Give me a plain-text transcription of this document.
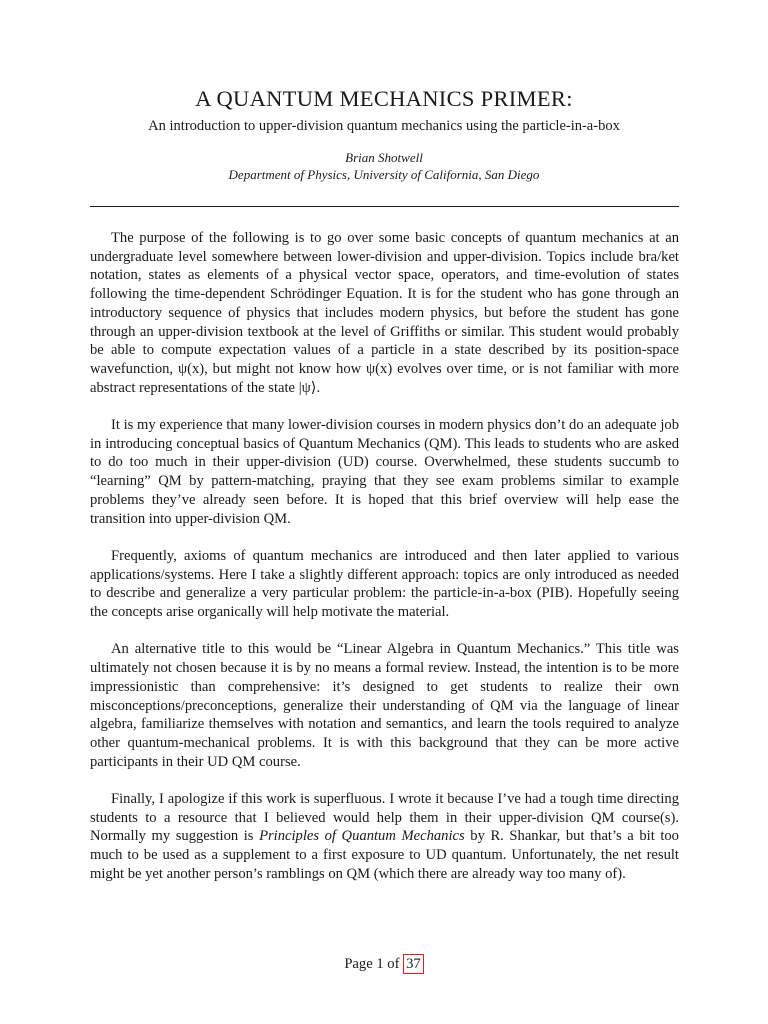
A QUANTUM MECHANICS PRIMER:
An introduction to upper-division quantum mechanics using the particle-in-a-box
Brian Shotwell
Department of Physics, University of California, San Diego

The purpose of the following is to go over some basic concepts of quantum mechanics at an undergraduate level somewhere between lower-division and upper-division. Topics include bra/ket notation, states as elements of a physical vector space, operators, and time-evolution of states following the time-dependent Schrödinger Equation. It is for the student who has gone through an introductory sequence of physics that includes modern physics, but before the student has gone through an upper-division textbook at the level of Griffiths or similar. This student would probably be able to compute expectation values of a particle in a state described by its position-space wavefunction, ψ(x), but might not know how ψ(x) evolves over time, or is not familiar with more abstract representations of the state |ψ⟩.

It is my experience that many lower-division courses in modern physics don’t do an adequate job in introducing conceptual basics of Quantum Mechanics (QM). This leads to students who are asked to do too much in their upper-division (UD) course. Overwhelmed, these students succumb to “learning” QM by pattern-matching, praying that they see exam problems similar to example problems they’ve already seen before. It is hoped that this brief overview will help ease the transition into upper-division QM.

Frequently, axioms of quantum mechanics are introduced and then later applied to various applications/systems. Here I take a slightly different approach: topics are only introduced as needed to describe and generalize a very particular problem: the particle-in-a-box (PIB). Hopefully seeing the concepts arise organically will help motivate the material.

An alternative title to this would be “Linear Algebra in Quantum Mechanics.” This title was ultimately not chosen because it is by no means a formal review. Instead, the intention is to be more impressionistic than comprehensive: it’s designed to get students to realize their own misconceptions/preconceptions, generalize their understanding of QM via the language of linear algebra, familiarize themselves with notation and semantics, and learn the tools required to analyze other quantum-mechanical problems. It is with this background that they can be more active participants in their UD QM course.

Finally, I apologize if this work is superfluous. I wrote it because I’ve had a tough time directing students to a resource that I believed would help them in their upper-division QM course(s). Normally my suggestion is Principles of Quantum Mechanics by R. Shankar, but that’s a bit too much to be used as a supplement to a first exposure to UD quantum. Unfortunately, the net result might be yet another person’s ramblings on QM (which there are already way too many of).

Page 1 of 37
